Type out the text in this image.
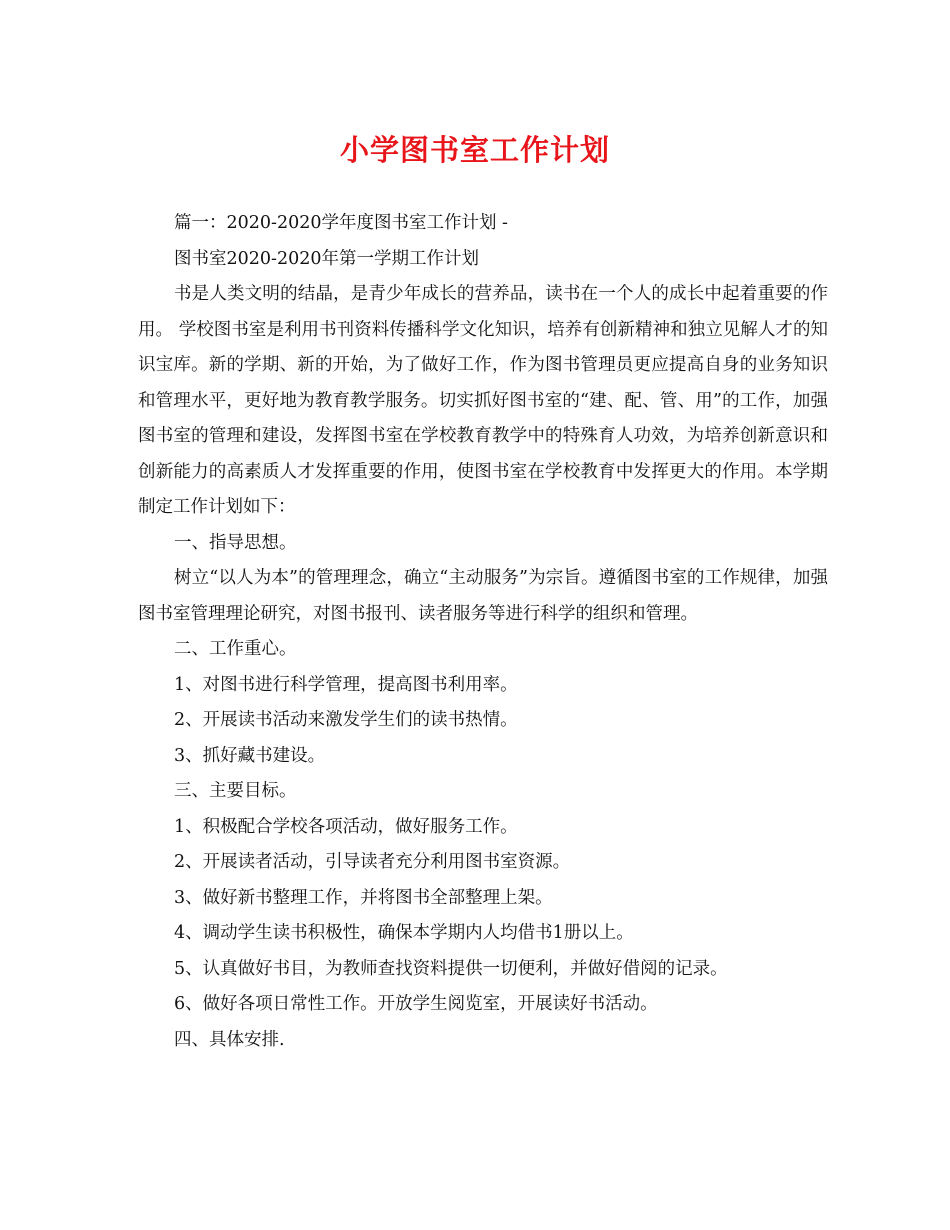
小学图书室工作计划

篇一：2020-2020学年度图书室工作计划 -

图书室2020-2020年第一学期工作计划

书是人类文明的结晶，是青少年成长的营养品，读书在一个人的成长中起着重要的作用。 学校图书室是利用书刊资料传播科学文化知识，培养有创新精神和独立见解人才的知识宝库。新的学期、新的开始，为了做好工作，作为图书管理员更应提高自身的业务知识和管理水平，更好地为教育教学服务。切实抓好图书室的“建、配、管、用”的工作，加强图书室的管理和建设，发挥图书室在学校教育教学中的特殊育人功效，为培养创新意识和创新能力的高素质人才发挥重要的作用，使图书室在学校教育中发挥更大的作用。本学期制定工作计划如下：

一、指导思想。

树立“以人为本”的管理理念，确立“主动服务”为宗旨。遵循图书室的工作规律，加强图书室管理理论研究，对图书报刊、读者服务等进行科学的组织和管理。

二、工作重心。

1、对图书进行科学管理，提高图书利用率。

2、开展读书活动来激发学生们的读书热情。

3、抓好藏书建设。

三、主要目标。

1、积极配合学校各项活动，做好服务工作。

2、开展读者活动，引导读者充分利用图书室资源。

3、做好新书整理工作，并将图书全部整理上架。

4、调动学生读书积极性，确保本学期内人均借书1册以上。

5、认真做好书目，为教师查找资料提供一切便利，并做好借阅的记录。

6、做好各项日常性工作。开放学生阅览室，开展读好书活动。

四、具体安排.
